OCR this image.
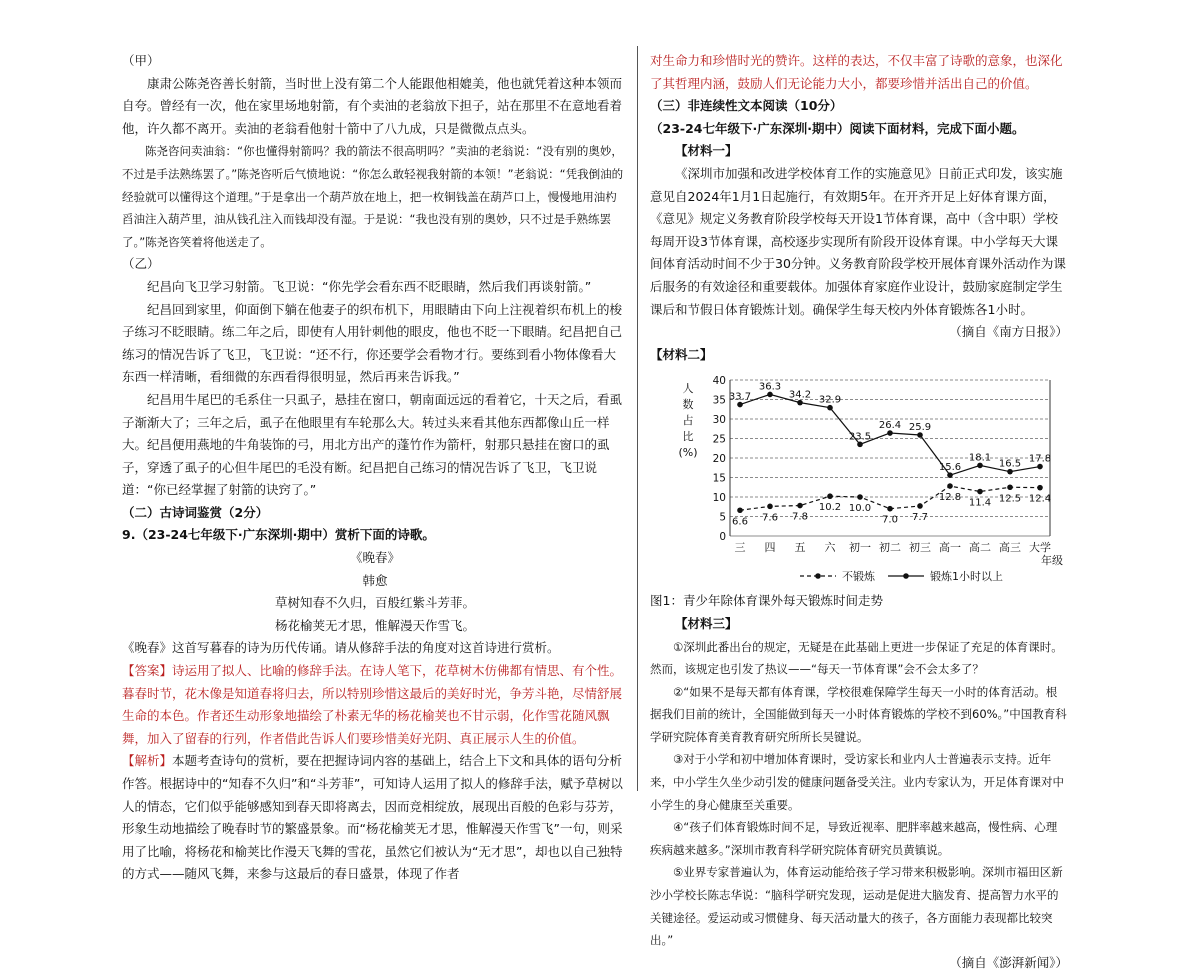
（甲）

康肃公陈尧咨善长射箭，当时世上没有第二个人能跟他相媲美，他也就凭着这种本领而自夸。曾经有一次，他在家里场地射箭，有个卖油的老翁放下担子，站在那里不在意地看着他，许久都不离开。卖油的老翁看他射十箭中了八九成，只是微微点点头。

陈尧咨问卖油翁：“你也懂得射箭吗？我的箭法不很高明吗？”卖油的老翁说：“没有别的奥妙，不过是手法熟练罢了。”陈尧咨听后气愤地说：“你怎么敢轻视我射箭的本领！”老翁说：“凭我倒油的经验就可以懂得这个道理。”于是拿出一个葫芦放在地上，把一枚铜钱盖在葫芦口上，慢慢地用油杓舀油注入葫芦里，油从钱孔注入而钱却没有湿。于是说：“我也没有别的奥妙，只不过是手熟练罢了。”陈尧咨笑着将他送走了。

（乙）

纪昌向飞卫学习射箭。飞卫说：“你先学会看东西不眨眼睛，然后我们再谈射箭。”

纪昌回到家里，仰面倒下躺在他妻子的织布机下，用眼睛由下向上注视着织布机上的梭子练习不眨眼睛。练二年之后，即使有人用针刺他的眼皮，他也不眨一下眼睛。纪昌把自己练习的情况告诉了飞卫，飞卫说：“还不行，你还要学会看物才行。要练到看小物体像看大东西一样清晰，看细微的东西看得很明显，然后再来告诉我。”

纪昌用牛尾巴的毛系住一只虱子，悬挂在窗口，朝南面远远的看着它，十天之后，看虱子渐渐大了；三年之后，虱子在他眼里有车轮那么大。转过头来看其他东西都像山丘一样大。纪昌便用燕地的牛角装饰的弓，用北方出产的蓬竹作为箭杆，射那只悬挂在窗口的虱子，穿透了虱子的心但牛尾巴的毛没有断。纪昌把自己练习的情况告诉了飞卫，飞卫说道：“你已经掌握了射箭的诀窍了。”

（二）古诗词鉴赏（2分）

9.（23-24七年级下·广东深圳·期中）赏析下面的诗歌。

《晚春》

韩愈

草树知春不久归，百般红紫斗芳菲。

杨花榆荚无才思，惟解漫天作雪飞。

《晚春》这首写暮春的诗为历代传诵。请从修辞手法的角度对这首诗进行赏析。

【答案】诗运用了拟人、比喻的修辞手法。在诗人笔下，花草树木仿佛都有情思、有个性。暮春时节，花木像是知道春将归去，所以特别珍惜这最后的美好时光，争芳斗艳，尽情舒展生命的本色。作者还生动形象地描绘了朴素无华的杨花榆荚也不甘示弱，化作雪花随风飘舞，加入了留春的行列，作者借此告诉人们要珍惜美好光阴、真正展示人生的价值。

【解析】本题考查诗句的赏析，要在把握诗词内容的基础上，结合上下文和具体的语句分析作答。根据诗中的“知春不久归”和“斗芳菲”，可知诗人运用了拟人的修辞手法，赋予草树以人的情态，它们似乎能够感知到春天即将离去，因而竞相绽放，展现出百般的色彩与芬芳，形象生动地描绘了晚春时节的繁盛景象。而“杨花榆荚无才思，惟解漫天作雪飞”一句，则采用了比喻，将杨花和榆荚比作漫天飞舞的雪花，虽然它们被认为“无才思”，却也以自己独特的方式——随风飞舞，来参与这最后的春日盛景，体现了作者

对生命力和珍惜时光的赞许。这样的表达，不仅丰富了诗歌的意象，也深化了其哲理内涵，鼓励人们无论能力大小，都要珍惜并活出自己的价值。

（三）非连续性文本阅读（10分）

（23-24七年级下·广东深圳·期中）阅读下面材料，完成下面小题。

【材料一】

《深圳市加强和改进学校体育工作的实施意见》日前正式印发，该实施意见自2024年1月1日起施行，有效期5年。在开齐开足上好体育课方面，《意见》规定义务教育阶段学校每天开设1节体育课，高中（含中职）学校每周开设3节体育课，高校逐步实现所有阶段开设体育课。中小学每天大课间体育活动时间不少于30分钟。义务教育阶段学校开展体育课外活动作为课后服务的有效途径和重要载体。加强体育家庭作业设计，鼓励家庭制定学生课后和节假日体育锻炼计划。确保学生每天校内外体育锻炼各1小时。

（摘自《南方日报》）

【材料二】

人
数
占
比
(%)
0
5
10
15
20
25
30
35
40
三 四 五 六 初一 初二 初三 高一 高二 高三 大学
年级
6.6 7.6 7.8
10.2 10.0
7.0 7.7
12.8 11.4 12.5 12.4
33.7
36.3
34.2 32.9
23.5
26.4 25.9
15.6
18.1
16.5 17.8
不锻炼	锻炼1小时以上

图1：青少年除体育课外每天锻炼时间走势

【材料三】

①深圳此番出台的规定，无疑是在此基础上更进一步保证了充足的体育课时。然而，该规定也引发了热议——“每天一节体育课”会不会太多了？

②“如果不是每天都有体育课，学校很难保障学生每天一小时的体育活动。根据我们目前的统计，全国能做到每天一小时体育锻炼的学校不到60%。”中国教育科学研究院体育美育教育研究所所长吴键说。

③对于小学和初中增加体育课时，受访家长和业内人士普遍表示支持。近年来，中小学生久坐少动引发的健康问题备受关注。业内专家认为，开足体育课对中小学生的身心健康至关重要。

④“孩子们体育锻炼时间不足，导致近视率、肥胖率越来越高，慢性病、心理疾病越来越多。”深圳市教育科学研究院体育研究员黄镇说。

⑤业界专家普遍认为，体育运动能给孩子学习带来积极影响。深圳市福田区新沙小学校长陈志华说：“脑科学研究发现，运动是促进大脑发育、提高智力水平的关键途径。爱运动或习惯健身、每天活动量大的孩子，各方面能力表现都比较突出。”

（摘自《澎湃新闻》）
